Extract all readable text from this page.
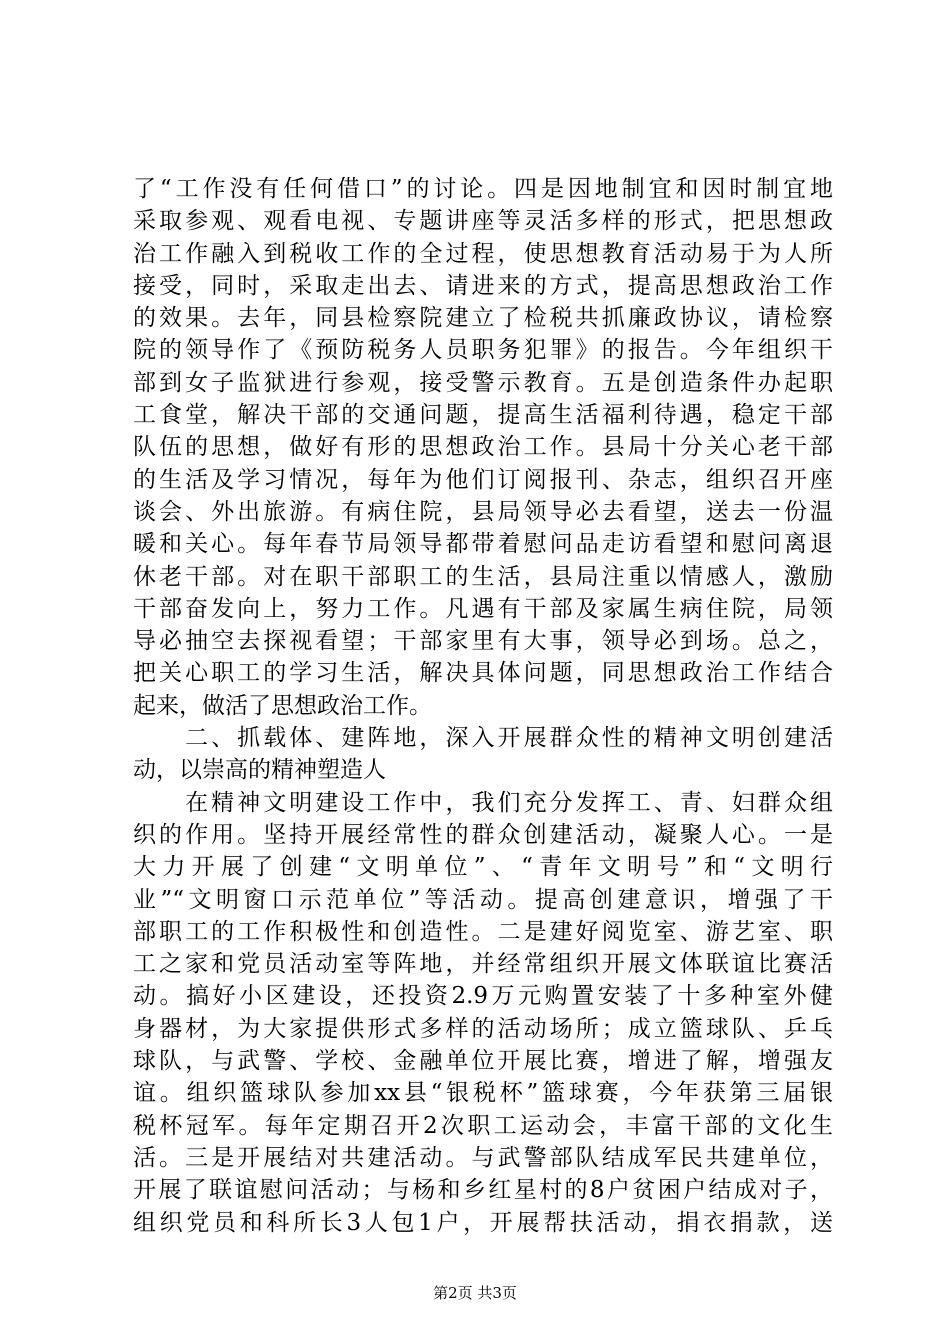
了“工作没有任何借口”的讨论。四是因地制宜和因时制宜地
采取参观、观看电视、专题讲座等灵活多样的形式，把思想政
治工作融入到税收工作的全过程，使思想教育活动易于为人所
接受，同时，采取走出去、请进来的方式，提高思想政治工作
的效果。去年，同县检察院建立了检税共抓廉政协议，请检察
院的领导作了《预防税务人员职务犯罪》的报告。今年组织干
部到女子监狱进行参观，接受警示教育。五是创造条件办起职
工食堂，解决干部的交通问题，提高生活福利待遇，稳定干部
队伍的思想，做好有形的思想政治工作。县局十分关心老干部
的生活及学习情况，每年为他们订阅报刊、杂志，组织召开座
谈会、外出旅游。有病住院，县局领导必去看望，送去一份温
暖和关心。每年春节局领导都带着慰问品走访看望和慰问离退
休老干部。对在职干部职工的生活，县局注重以情感人，激励
干部奋发向上，努力工作。凡遇有干部及家属生病住院，局领
导必抽空去探视看望；干部家里有大事，领导必到场。总之，
把关心职工的学习生活，解决具体问题，同思想政治工作结合
起来，做活了思想政治工作。
　　二、抓载体、建阵地，深入开展群众性的精神文明创建活
动，以崇高的精神塑造人
　　在精神文明建设工作中，我们充分发挥工、青、妇群众组
织的作用。坚持开展经常性的群众创建活动，凝聚人心。一是
大力开展了创建“文明单位”、“青年文明号”和“文明行
业”“文明窗口示范单位”等活动。提高创建意识，增强了干
部职工的工作积极性和创造性。二是建好阅览室、游艺室、职
工之家和党员活动室等阵地，并经常组织开展文体联谊比赛活
动。搞好小区建设，还投资2.9万元购置安装了十多种室外健
身器材，为大家提供形式多样的活动场所；成立篮球队、乒乓
球队，与武警、学校、金融单位开展比赛，增进了解，增强友
谊。组织篮球队参加xx县“银税杯”篮球赛，今年获第三届银
税杯冠军。每年定期召开2次职工运动会，丰富干部的文化生
活。三是开展结对共建活动。与武警部队结成军民共建单位，
开展了联谊慰问活动；与杨和乡红星村的8户贫困户结成对子，
组织党员和科所长3人包1户，开展帮扶活动，捐衣捐款，送
第2页 共3页
